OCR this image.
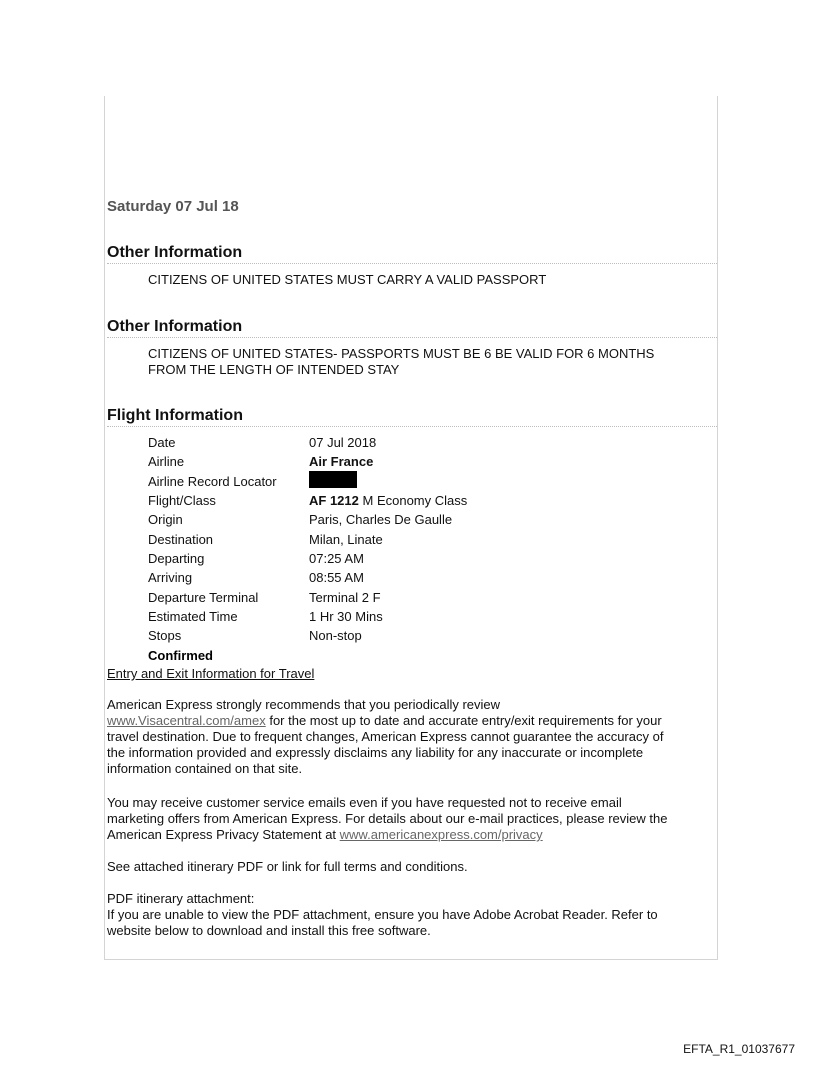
Saturday 07 Jul 18
Other Information
CITIZENS OF UNITED STATES MUST CARRY A VALID PASSPORT
Other Information
CITIZENS OF UNITED STATES- PASSPORTS MUST BE 6 BE VALID FOR 6 MONTHS
FROM THE LENGTH OF INTENDED STAY
Flight Information
Date	07 Jul 2018
Airline	Air France
Airline Record Locator
Flight/Class	AF 1212 M Economy Class
Origin	Paris, Charles De Gaulle
Destination	Milan, Linate
Departing	07:25 AM
Arriving	08:55 AM
Departure Terminal	Terminal 2 F
Estimated Time	1 Hr 30 Mins
Stops	Non-stop
Confirmed
Entry and Exit Information for Travel

American Express strongly recommends that you periodically review

www.Visacentral.com/amex for the most up to date and accurate entry/exit requirements for your

travel destination. Due to frequent changes, American Express cannot guarantee the accuracy of

the information provided and expressly disclaims any liability for any inaccurate or incomplete

information contained on that site.

You may receive customer service emails even if you have requested not to receive email

marketing offers from American Express. For details about our e-mail practices, please review the

American Express Privacy Statement at www.americanexpress.com/privacy

See attached itinerary PDF or link for full terms and conditions.

PDF itinerary attachment:

If you are unable to view the PDF attachment, ensure you have Adobe Acrobat Reader. Refer to

website below to download and install this free software.

EFTA_R1_01037677
